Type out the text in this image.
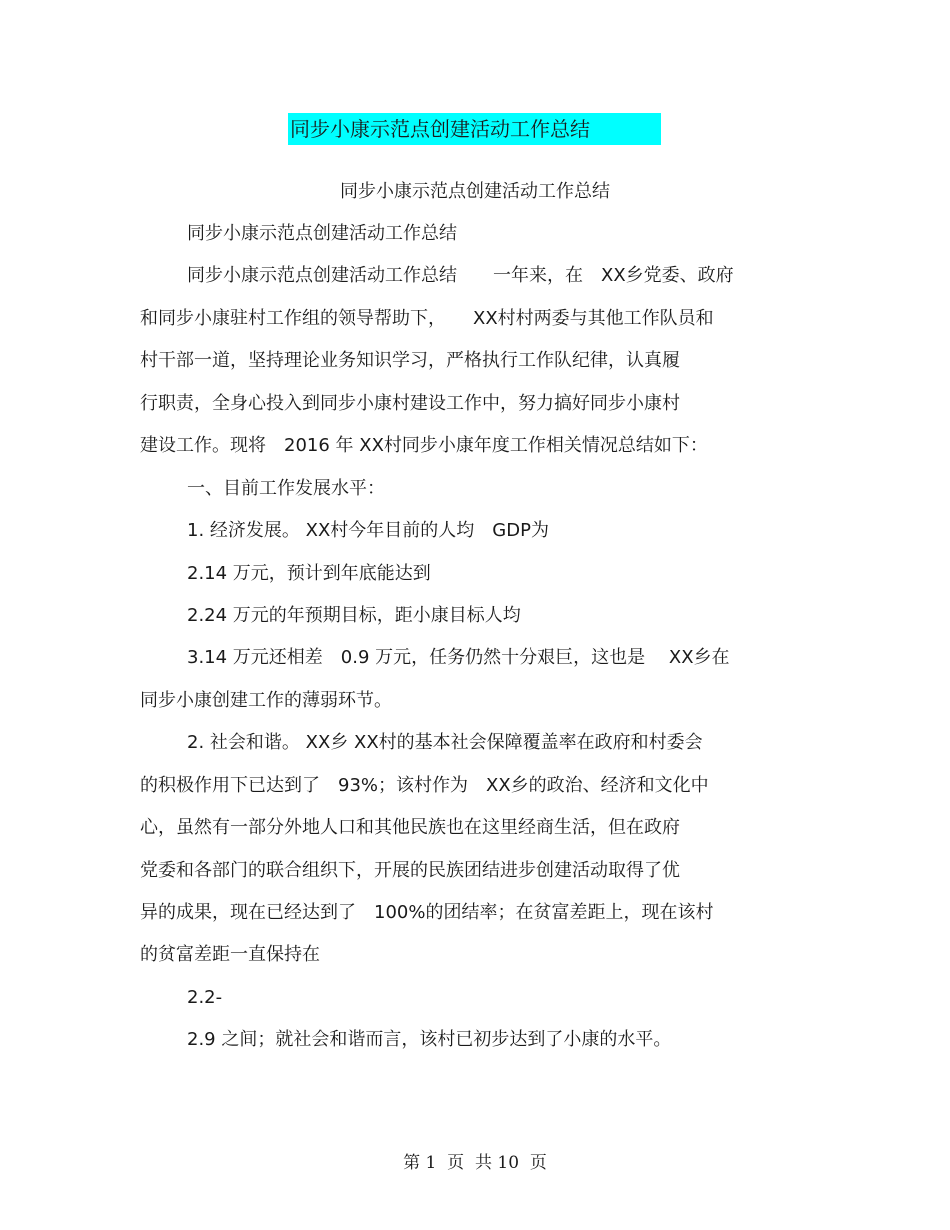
同步小康示范点创建活动工作总结
同步小康示范点创建活动工作总结
同步小康示范点创建活动工作总结
同步小康示范点创建活动工作总结　　一年来，在　XX乡党委、政府
和同步小康驻村工作组的领导帮助下，　　XX村村两委与其他工作队员和
村干部一道，坚持理论业务知识学习，严格执行工作队纪律，认真履
行职责，全身心投入到同步小康村建设工作中，努力搞好同步小康村
建设工作。现将　2016 年 XX村同步小康年度工作相关情况总结如下：
一、目前工作发展水平：
1. 经济发展。 XX村今年目前的人均　GDP为
2.14 万元，预计到年底能达到
2.24 万元的年预期目标，距小康目标人均
3.14 万元还相差　0.9 万元，任务仍然十分艰巨，这也是　 XX乡在
同步小康创建工作的薄弱环节。
2. 社会和谐。 XX乡 XX村的基本社会保障覆盖率在政府和村委会
的积极作用下已达到了　93%；该村作为　XX乡的政治、经济和文化中
心，虽然有一部分外地人口和其他民族也在这里经商生活，但在政府
党委和各部门的联合组织下，开展的民族团结进步创建活动取得了优
异的成果，现在已经达到了　100%的团结率；在贫富差距上，现在该村
的贫富差距一直保持在
2.2-
2.9 之间；就社会和谐而言，该村已初步达到了小康的水平。
第 1  页  共 10  页
